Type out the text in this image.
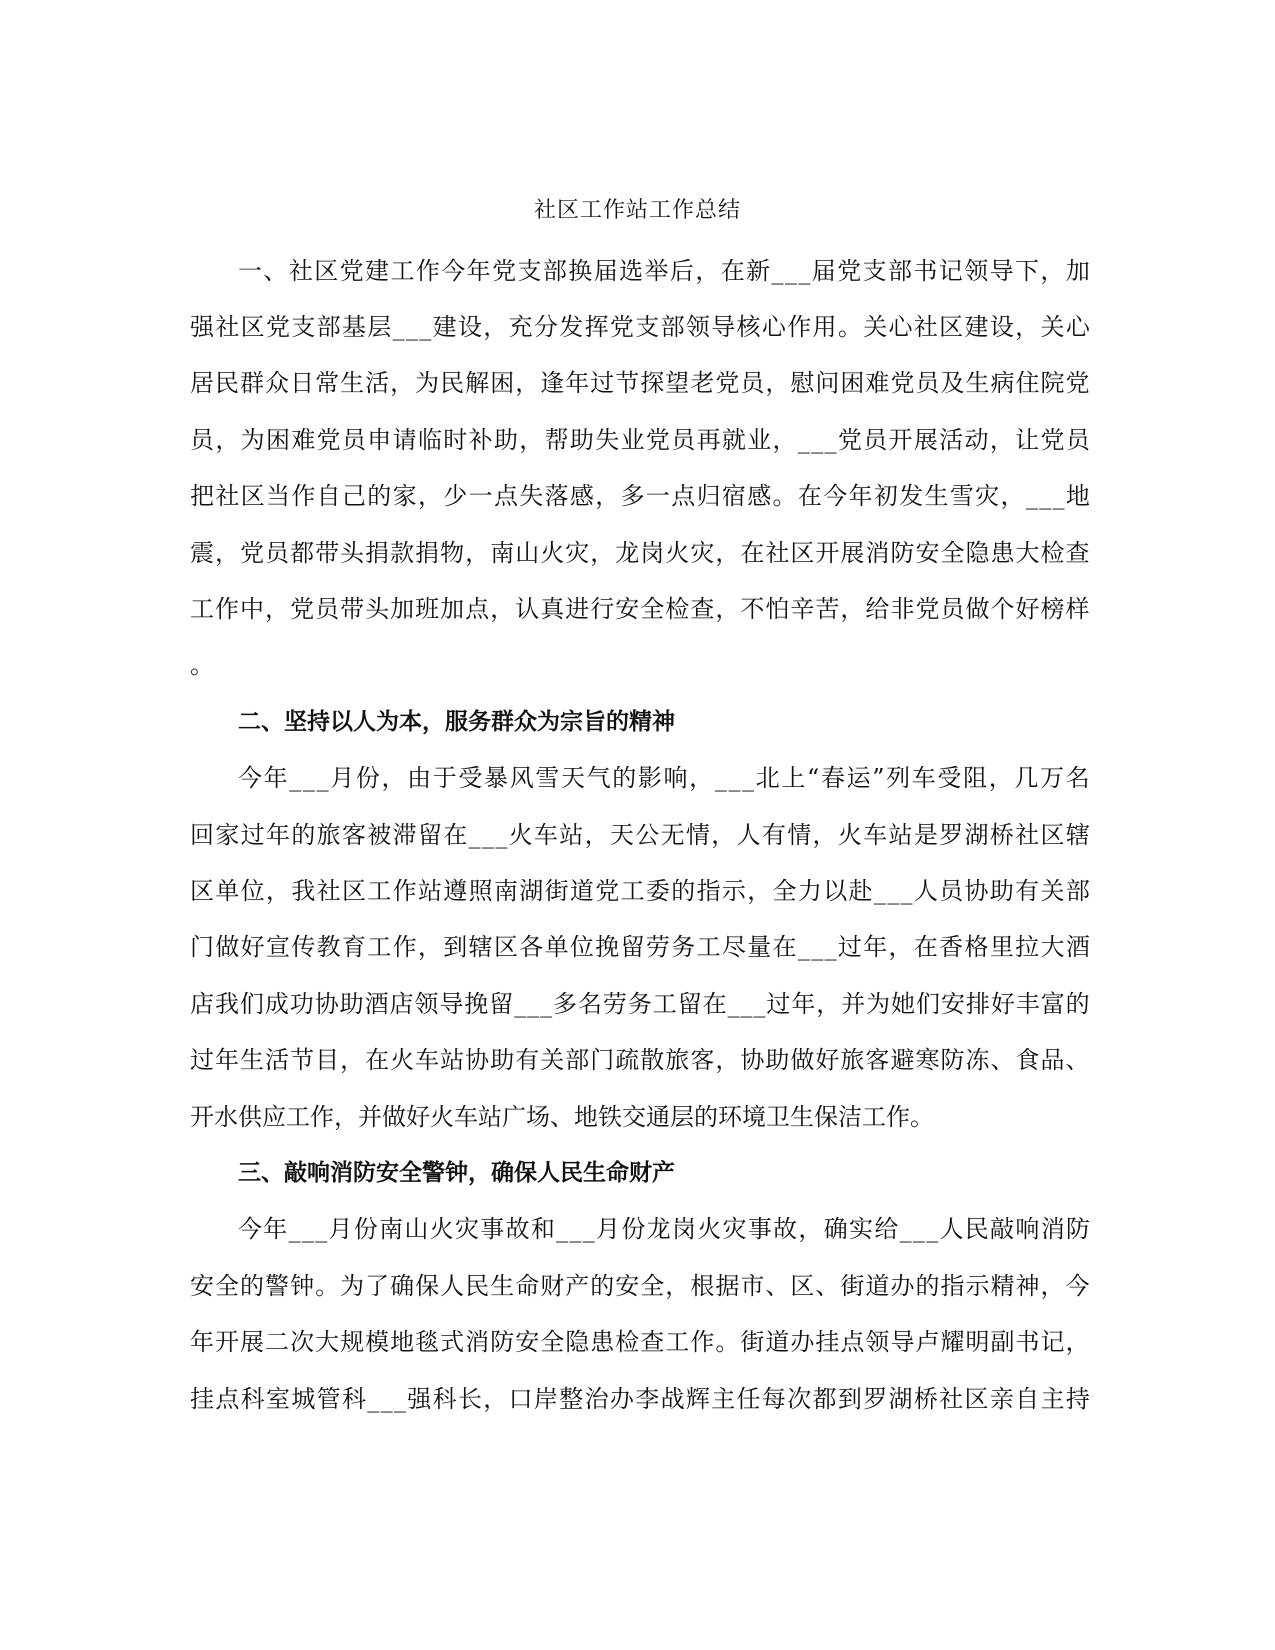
社区工作站工作总结
一 、 社 区 党 建 工 作 今 年 党 支 部 换 届 选 举 后 ， 在 新 _ _ _ 届 党 支 部 书 记 领 导 下 ， 加
强 社 区 党 支 部 基 层 _ _ _ 建 设 ， 充 分 发 挥 党 支 部 领 导 核 心 作 用 。 关 心 社 区 建 设 ， 关 心
居 民 群 众 日 常 生 活 ， 为 民 解 困 ， 逢 年 过 节 探 望 老 党 员 ， 慰 问 困 难 党 员 及 生 病 住 院 党
员 ， 为 困 难 党 员 申 请 临 时 补 助 ， 帮 助 失 业 党 员 再 就 业 ， _ _ _ 党 员 开 展 活 动 ， 让 党 员
把 社 区 当 作 自 己 的 家 ， 少 一 点 失 落 感 ， 多 一 点 归 宿 感 。 在 今 年 初 发 生 雪 灾 ， _ _ _ 地
震 ， 党 员 都 带 头 捐 款 捐 物 ， 南 山 火 灾 ， 龙 岗 火 灾 ， 在 社 区 开 展 消 防 安 全 隐 患 大 检 查
工 作 中 ， 党 员 带 头 加 班 加 点 ， 认 真 进 行 安 全 检 查 ， 不 怕 辛 苦 ， 给 非 党 员 做 个 好 榜 样
。
二、坚持以人为本，服务群众为宗旨的精神
今 年 _ _ _ 月 份 ， 由 于 受 暴 风 雪 天 气 的 影 响 ， _ _ _ 北 上 “ 春 运 ” 列 车 受 阻 ， 几 万 名
回 家 过 年 的 旅 客 被 滞 留 在 _ _ _ 火 车 站 ， 天 公 无 情 ， 人 有 情 ， 火 车 站 是 罗 湖 桥 社 区 辖
区 单 位 ， 我 社 区 工 作 站 遵 照 南 湖 街 道 党 工 委 的 指 示 ， 全 力 以 赴 _ _ _ 人 员 协 助 有 关 部
门 做 好 宣 传 教 育 工 作 ， 到 辖 区 各 单 位 挽 留 劳 务 工 尽 量 在 _ _ _ 过 年 ， 在 香 格 里 拉 大 酒
店 我 们 成 功 协 助 酒 店 领 导 挽 留 _ _ _ 多 名 劳 务 工 留 在 _ _ _ 过 年 ， 并 为 她 们 安 排 好 丰 富 的
过 年 生 活 节 目 ， 在 火 车 站 协 助 有 关 部 门 疏 散 旅 客 ， 协 助 做 好 旅 客 避 寒 防 冻 、 食 品 、
开水供应工作，并做好火车站广场、地铁交通层的环境卫生保洁工作。
三、敲响消防安全警钟，确保人民生命财产
今 年 _ _ _ 月 份 南 山 火 灾 事 故 和 _ _ _ 月 份 龙 岗 火 灾 事 故 ， 确 实 给 _ _ _ 人 民 敲 响 消 防
安 全 的 警 钟 。 为 了 确 保 人 民 生 命 财 产 的 安 全 ， 根 据 市 、 区 、 街 道 办 的 指 示 精 神 ， 今
年 开 展 二 次 大 规 模 地 毯 式 消 防 安 全 隐 患 检 查 工 作 。 街 道 办 挂 点 领 导 卢 耀 明 副 书 记 ，
挂 点 科 室 城 管 科 _ _ _ 强 科 长 ， 口 岸 整 治 办 李 战 辉 主 任 每 次 都 到 罗 湖 桥 社 区 亲 自 主 持
